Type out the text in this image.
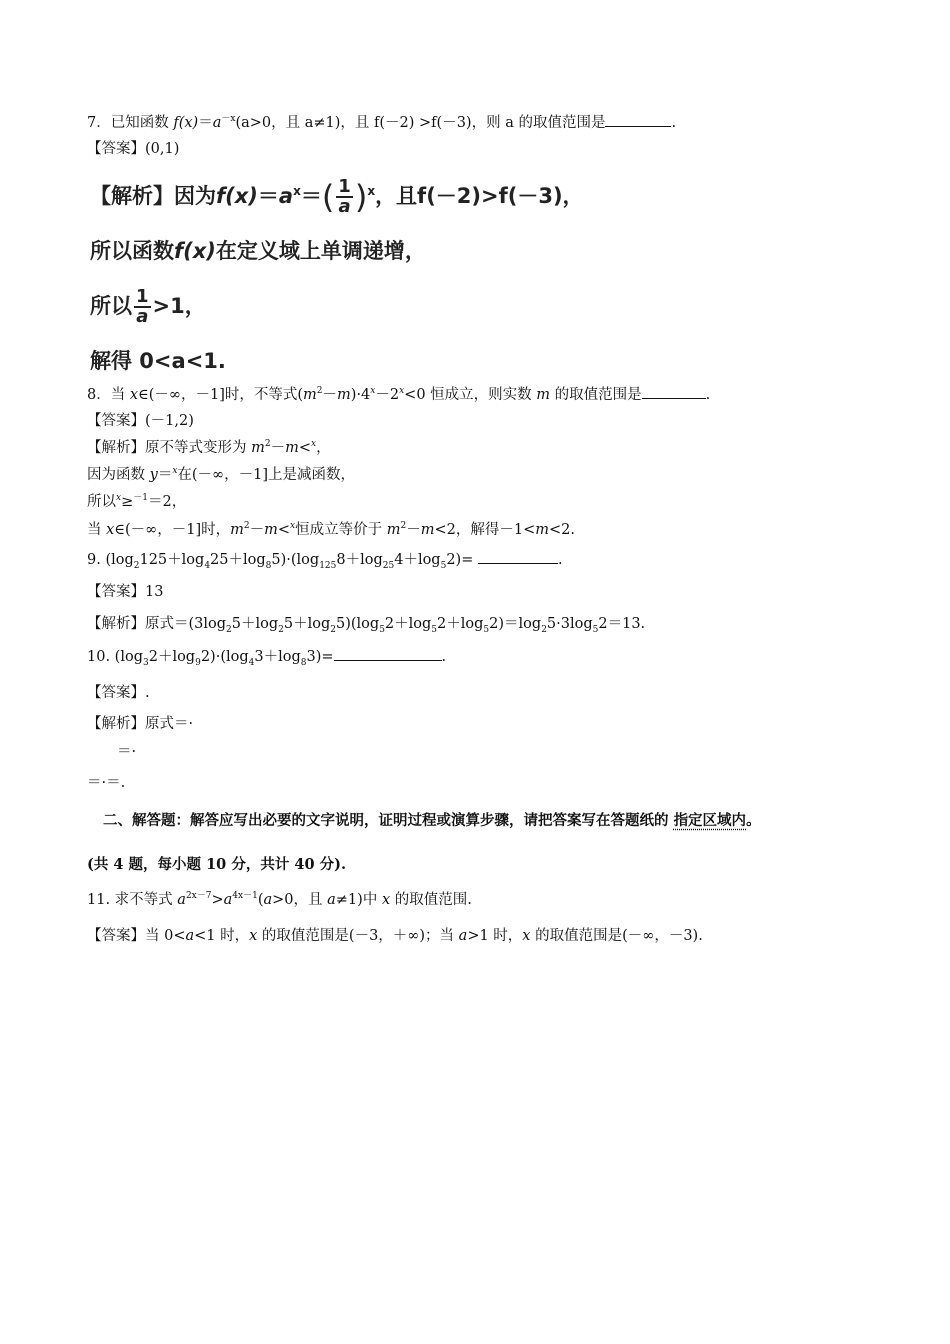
7．已知函数 $f(x)=a^{-x}(a>0$，且 a≠1)，且 f(－2) >f(－3)，则 a 的取值范围是	.
【答案】(0,1)
【解析】因为$f(x)=a^x=( \frac{1}{a} )^x$，且f(－2)>f(－3)，
所以函数f(x)在定义域上单调递增，
所以 $\frac{1}{a} >1$，
解得 0<a<1.
8．当 x∈(－∞，－1]时，不等式$(m^2-m)\cdot 4^x-2^x<0$ 恒成立，则实数 m 的取值范围是	.
【答案】(－1,2)
【解析】原不等式变形为 $m^2-m<^x$，
因为函数 y＝$^x$在(－∞，－1]上是减函数，
所以$^x$≥$^{-1}$＝2，
当 x∈(－∞，－1]时，$m^2-m<^x$恒成立等价于 $m^2-m<2$，解得－1<m<2.
9. $(\log_2125+\log_425+\log_85)\cdot(\log_{125}8+\log_{25}4+\log_52)=$	.
【答案】13
【解析】原式$=(3\log_25+\log_25+\log_25)(\log_52+\log_52+\log_52)=\log_25\cdot 3\log_52=13$.
10. $(\log_32+\log_92)\cdot(\log_43+\log_83)=$	.
【答案】.
【解析】原式＝·
＝·
＝·＝.
二、解答题：解答应写出必要的文字说明，证明过程或演算步骤，请把答案写在答题纸的 指定区域内。
(共 4 题，每小题 10 分，共计 40 分).
11. 求不等式 $a^{2x-7}>a^{4x-1}(a>0$，且 a≠1)中 x 的取值范围.
【答案】当 0<a<1 时，x 的取值范围是(－3，＋∞)；当 a>1 时，x 的取值范围是(－∞，－3).
